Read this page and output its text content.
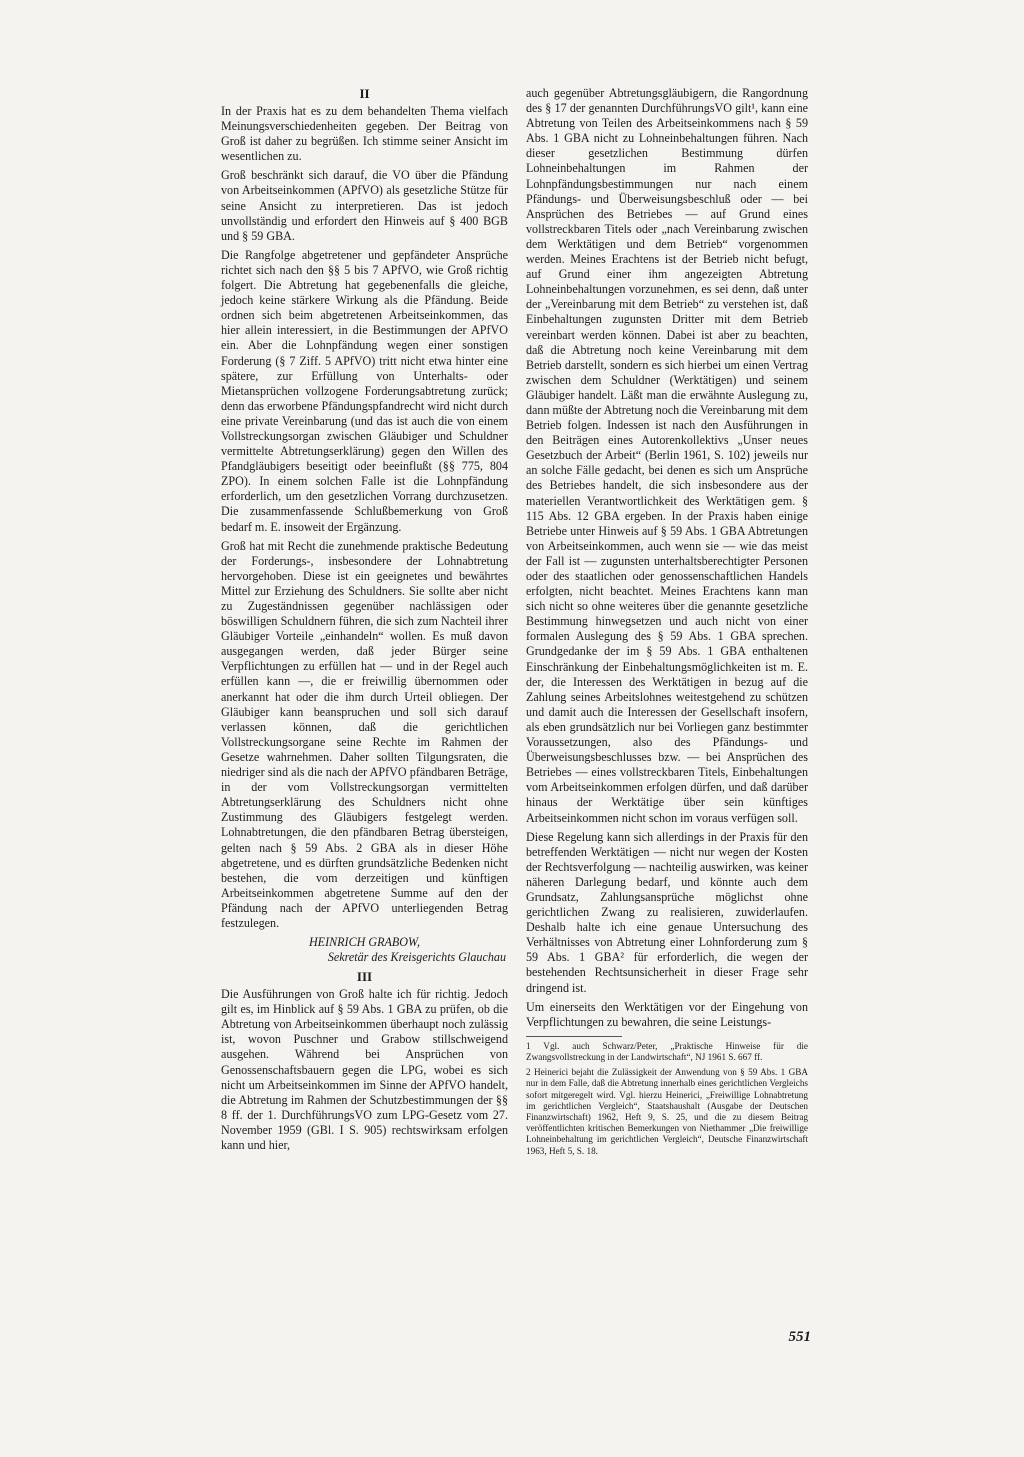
II

In der Praxis hat es zu dem behandelten Thema vielfach Meinungsverschiedenheiten gegeben. Der Beitrag von Groß ist daher zu begrüßen. Ich stimme seiner Ansicht im wesentlichen zu.

Groß beschränkt sich darauf, die VO über die Pfändung von Arbeitseinkommen (APfVO) als gesetzliche Stütze für seine Ansicht zu interpretieren. Das ist jedoch unvollständig und erfordert den Hinweis auf § 400 BGB und § 59 GBA.

Die Rangfolge abgetretener und gepfändeter Ansprüche richtet sich nach den §§ 5 bis 7 APfVO, wie Groß richtig folgert. Die Abtretung hat gegebenenfalls die gleiche, jedoch keine stärkere Wirkung als die Pfändung. Beide ordnen sich beim abgetretenen Arbeitseinkommen, das hier allein interessiert, in die Bestimmungen der APfVO ein. Aber die Lohnpfändung wegen einer sonstigen Forderung (§ 7 Ziff. 5 APfVO) tritt nicht etwa hinter eine spätere, zur Erfüllung von Unterhalts- oder Mietansprüchen vollzogene Forderungsabtretung zurück; denn das erworbene Pfändungspfandrecht wird nicht durch eine private Vereinbarung (und das ist auch die von einem Vollstreckungsorgan zwischen Gläubiger und Schuldner vermittelte Abtretungserklärung) gegen den Willen des Pfandgläubigers beseitigt oder beeinflußt (§§ 775, 804 ZPO). In einem solchen Falle ist die Lohnpfändung erforderlich, um den gesetzlichen Vorrang durchzusetzen. Die zusammenfassende Schlußbemerkung von Groß bedarf m. E. insoweit der Ergänzung.

Groß hat mit Recht die zunehmende praktische Bedeutung der Forderungs-, insbesondere der Lohnabtretung hervorgehoben. Diese ist ein geeignetes und bewährtes Mittel zur Erziehung des Schuldners. Sie sollte aber nicht zu Zugeständnissen gegenüber nachlässigen oder böswilligen Schuldnern führen, die sich zum Nachteil ihrer Gläubiger Vorteile „einhandeln“ wollen. Es muß davon ausgegangen werden, daß jeder Bürger seine Verpflichtungen zu erfüllen hat — und in der Regel auch erfüllen kann —, die er freiwillig übernommen oder anerkannt hat oder die ihm durch Urteil obliegen. Der Gläubiger kann beanspruchen und soll sich darauf verlassen können, daß die gerichtlichen Vollstreckungsorgane seine Rechte im Rahmen der Gesetze wahrnehmen. Daher sollten Tilgungsraten, die niedriger sind als die nach der APfVO pfändbaren Beträge, in der vom Vollstreckungsorgan vermittelten Abtretungserklärung des Schuldners nicht ohne Zustimmung des Gläubigers festgelegt werden. Lohnabtretungen, die den pfändbaren Betrag übersteigen, gelten nach § 59 Abs. 2 GBA als in dieser Höhe abgetretene, und es dürften grundsätzliche Bedenken nicht bestehen, die vom derzeitigen und künftigen Arbeitseinkommen abgetretene Summe auf den der Pfändung nach der APfVO unterliegenden Betrag festzulegen.

HEINRICH GRABOW,

Sekretär des Kreisgerichts Glauchau

III

Die Ausführungen von Groß halte ich für richtig. Jedoch gilt es, im Hinblick auf § 59 Abs. 1 GBA zu prüfen, ob die Abtretung von Arbeitseinkommen überhaupt noch zulässig ist, wovon Puschner und Grabow stillschweigend ausgehen. Während bei Ansprüchen von Genossenschaftsbauern gegen die LPG, wobei es sich nicht um Arbeitseinkommen im Sinne der APfVO handelt, die Abtretung im Rahmen der Schutzbestimmungen der §§ 8 ff. der 1. DurchführungsVO zum LPG-Gesetz vom 27. November 1959 (GBl. I S. 905) rechtswirksam erfolgen kann und hier,

auch gegenüber Abtretungsgläubigern, die Rangordnung des § 17 der genannten DurchführungsVO gilt¹, kann eine Abtretung von Teilen des Arbeitseinkommens nach § 59 Abs. 1 GBA nicht zu Lohneinbehaltungen führen. Nach dieser gesetzlichen Bestimmung dürfen Lohneinbehaltungen im Rahmen der Lohnpfändungsbestimmungen nur nach einem Pfändungs- und Überweisungsbeschluß oder — bei Ansprüchen des Betriebes — auf Grund eines vollstreckbaren Titels oder „nach Vereinbarung zwischen dem Werktätigen und dem Betrieb“ vorgenommen werden. Meines Erachtens ist der Betrieb nicht befugt, auf Grund einer ihm angezeigten Abtretung Lohneinbehaltungen vorzunehmen, es sei denn, daß unter der „Vereinbarung mit dem Betrieb“ zu verstehen ist, daß Einbehaltungen zugunsten Dritter mit dem Betrieb vereinbart werden können. Dabei ist aber zu beachten, daß die Abtretung noch keine Vereinbarung mit dem Betrieb darstellt, sondern es sich hierbei um einen Vertrag zwischen dem Schuldner (Werktätigen) und seinem Gläubiger handelt. Läßt man die erwähnte Auslegung zu, dann müßte der Abtretung noch die Vereinbarung mit dem Betrieb folgen. Indessen ist nach den Ausführungen in den Beiträgen eines Autorenkollektivs „Unser neues Gesetzbuch der Arbeit“ (Berlin 1961, S. 102) jeweils nur an solche Fälle gedacht, bei denen es sich um Ansprüche des Betriebes handelt, die sich insbesondere aus der materiellen Verantwortlichkeit des Werktätigen gem. § 115 Abs. 12 GBA ergeben. In der Praxis haben einige Betriebe unter Hinweis auf § 59 Abs. 1 GBA Abtretungen von Arbeitseinkommen, auch wenn sie — wie das meist der Fall ist — zugunsten unterhaltsberechtigter Personen oder des staatlichen oder genossenschaftlichen Handels erfolgten, nicht beachtet. Meines Erachtens kann man sich nicht so ohne weiteres über die genannte gesetzliche Bestimmung hinwegsetzen und auch nicht von einer formalen Auslegung des § 59 Abs. 1 GBA sprechen. Grundgedanke der im § 59 Abs. 1 GBA enthaltenen Einschränkung der Einbehaltungsmöglichkeiten ist m. E. der, die Interessen des Werktätigen in bezug auf die Zahlung seines Arbeitslohnes weitestgehend zu schützen und damit auch die Interessen der Gesellschaft insofern, als eben grundsätzlich nur bei Vorliegen ganz bestimmter Voraussetzungen, also des Pfändungs- und Überweisungsbeschlusses bzw. — bei Ansprüchen des Betriebes — eines vollstreckbaren Titels, Einbehaltungen vom Arbeitseinkommen erfolgen dürfen, und daß darüber hinaus der Werktätige über sein künftiges Arbeitseinkommen nicht schon im voraus verfügen soll.

Diese Regelung kann sich allerdings in der Praxis für den betreffenden Werktätigen — nicht nur wegen der Kosten der Rechtsverfolgung — nachteilig auswirken, was keiner näheren Darlegung bedarf, und könnte auch dem Grundsatz, Zahlungsansprüche möglichst ohne gerichtlichen Zwang zu realisieren, zuwiderlaufen. Deshalb halte ich eine genaue Untersuchung des Verhältnisses von Abtretung einer Lohnforderung zum § 59 Abs. 1 GBA² für erforderlich, die wegen der bestehenden Rechtsunsicherheit in dieser Frage sehr dringend ist.

Um einerseits den Werktätigen vor der Eingehung von Verpflichtungen zu bewahren, die seine Leistungs-

1 Vgl. auch Schwarz/Peter, „Praktische Hinweise für die Zwangsvollstreckung in der Landwirtschaft“, NJ 1961 S. 667 ff.

2 Heinerici bejaht die Zulässigkeit der Anwendung von § 59 Abs. 1 GBA nur in dem Falle, daß die Abtretung innerhalb eines gerichtlichen Vergleichs sofort mitgeregelt wird. Vgl. hierzu Heinerici, „Freiwillige Lohnabtretung im gerichtlichen Vergleich“, Staatshaushalt (Ausgabe der Deutschen Finanzwirtschaft) 1962, Heft 9, S. 25, und die zu diesem Beitrag veröffentlichten kritischen Bemerkungen von Niethammer „Die freiwillige Lohneinbehaltung im gerichtlichen Vergleich“, Deutsche Finanzwirtschaft 1963, Heft 5, S. 18.

551
